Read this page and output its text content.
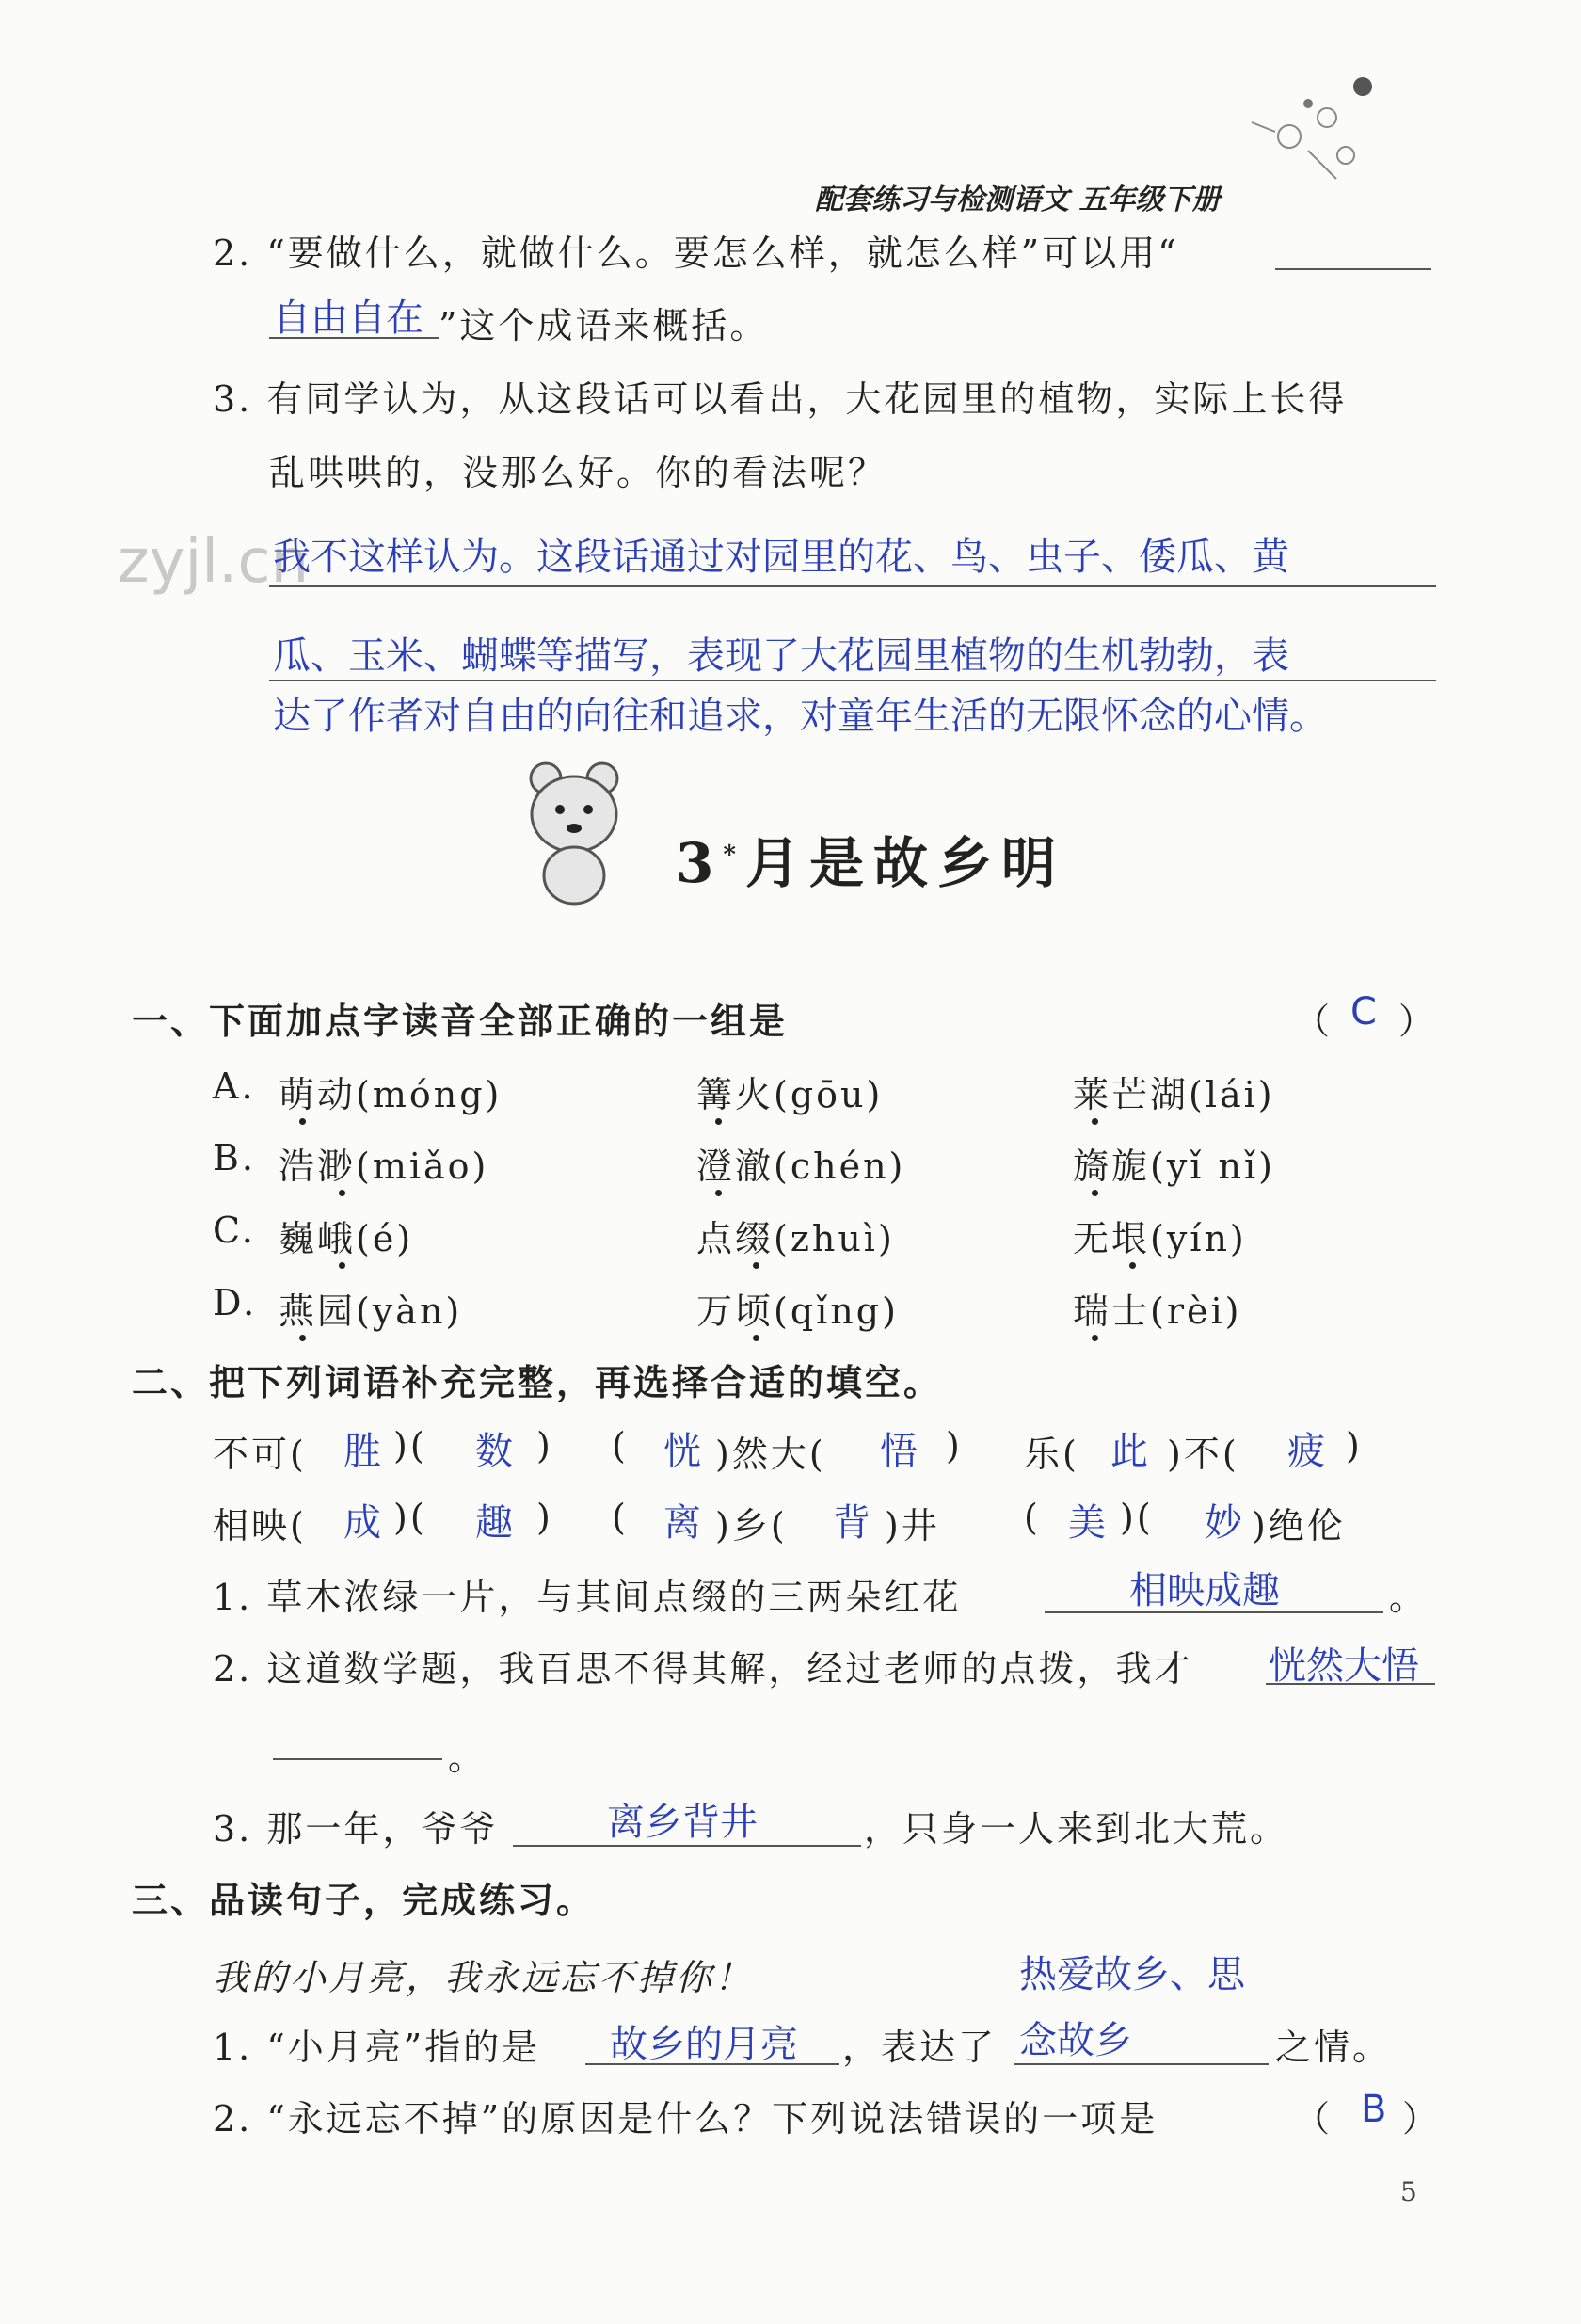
配套练习与检测语文 五年级下册
zyjl.cn
2. “要做什么，就做什么。要怎么样，就怎么样”可以用“
自由自在 ”这个成语来概括。
3. 有同学认为，从这段话可以看出，大花园里的植物，实际上长得
乱哄哄的，没那么好。你的看法呢？
我不这样认为。这段话通过对园里的花、鸟、虫子、倭瓜、黄
瓜、玉米、蝴蝶等描写，表现了大花园里植物的生机勃勃，表
达了作者对自由的向往和追求，对童年生活的无限怀念的心情。
3*月是故乡明
一、下面加点字读音全部正确的一组是	（ C ）
A. 萌动(móng)	篝火(gōu)	莱芒湖(lái)
B. 浩渺(miǎo)	澄澈(chén)	旖旎(yǐ nǐ)
C. 巍峨(é)	点缀(zhuì)	无垠(yín)
D. 燕园(yàn)	万顷(qǐng)	瑞士(rèi)
二、把下列词语补充完整，再选择合适的填空。
不可( 胜 )( 数 ) ( 恍 )然大( 悟 ) 乐( 此 )不( 疲 )
相映( 成 )( 趣 ) ( 离 )乡( 背 )井 ( 美 )( 妙 )绝伦
1. 草木浓绿一片，与其间点缀的三两朵红花	相映成趣	。
2. 这道数学题，我百思不得其解，经过老师的点拨，我才 恍然大悟
。
3. 那一年，爷爷	离乡背井	，只身一人来到北大荒。
三、品读句子，完成练习。
我的小月亮，我永远忘不掉你！	热爱故乡、思
1. “小月亮”指的是 故乡的月亮 ，表达了 念故乡	之情。
2. “永远忘不掉”的原因是什么？下列说法错误的一项是	（ B ）
5
